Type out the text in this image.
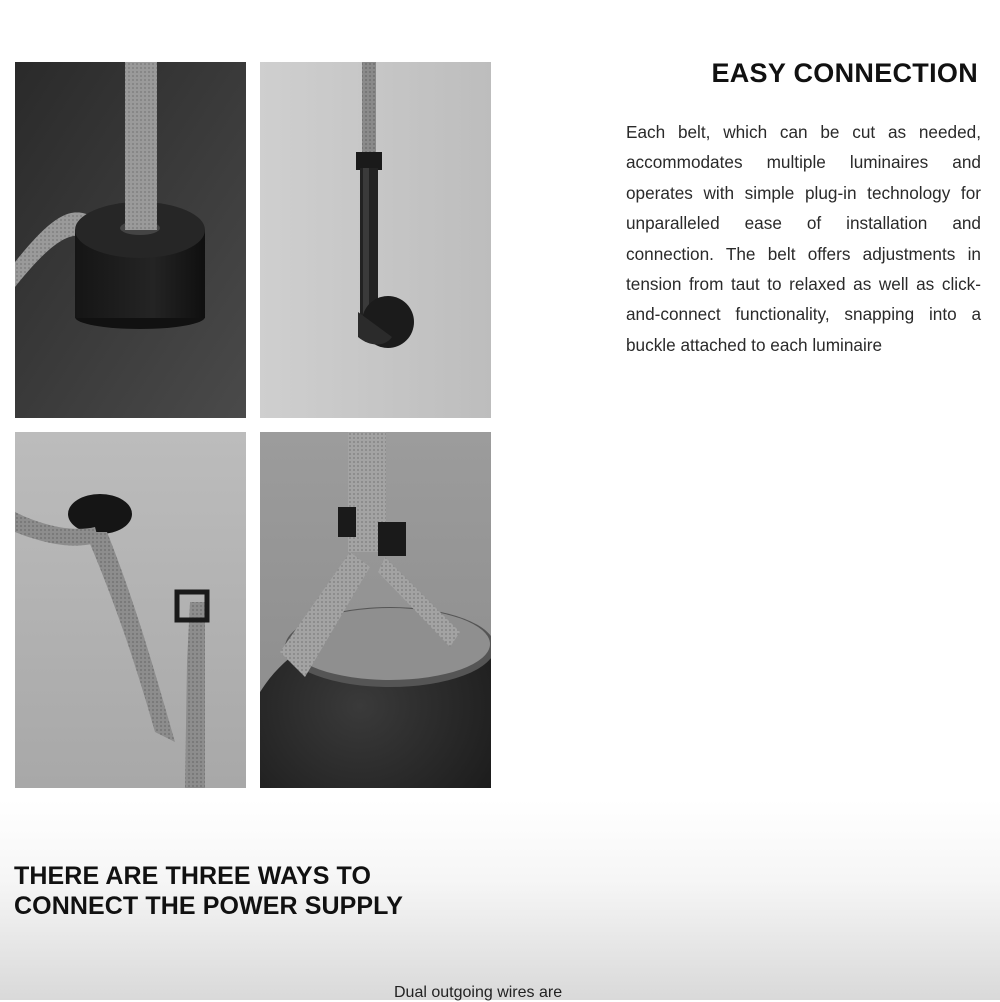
EASY CONNECTION

Each belt, which can be cut as needed, accommodates multiple luminaires and operates with simple plug-in technology for unparalleled ease of installation and connection. The belt offers adjustments in tension from taut to relaxed as well as click-and-connect functionality, snapping into a buckle attached to each luminaire

THERE ARE THREE WAYS TO CONNECT THE POWER SUPPLY
Dual outgoing wires are
